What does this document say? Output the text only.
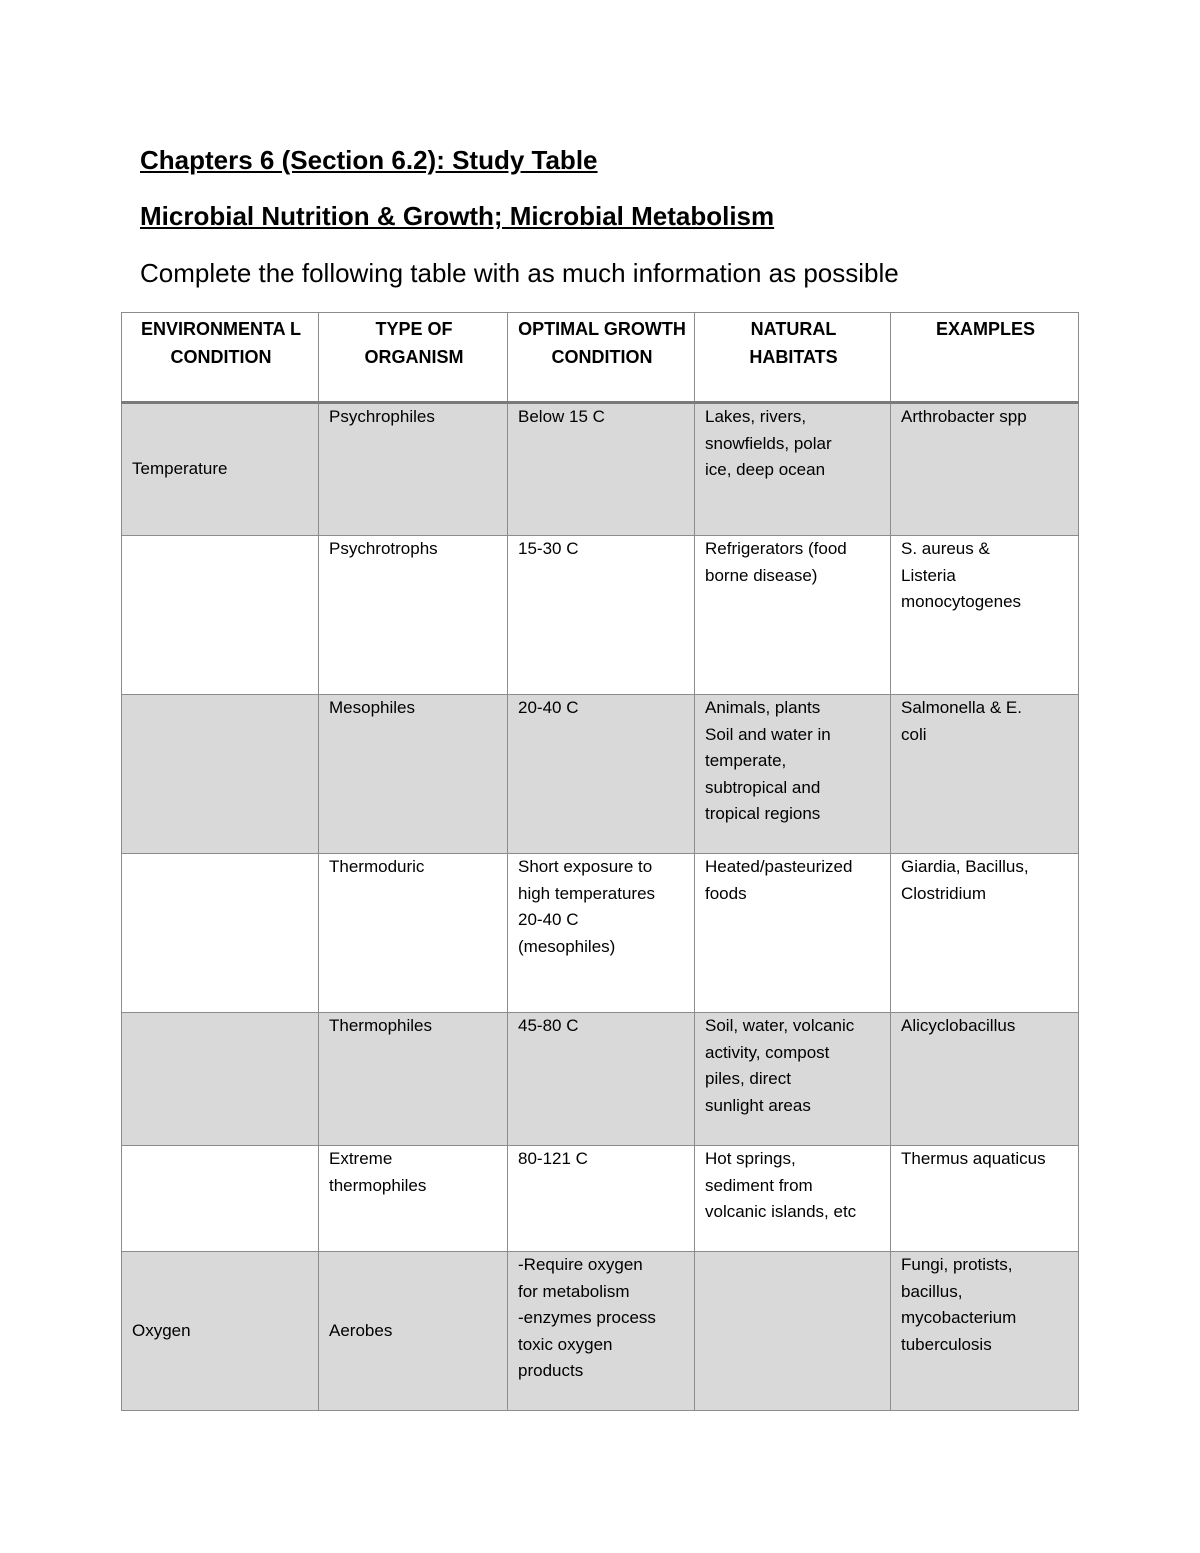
Chapters 6 (Section 6.2): Study Table
Microbial Nutrition & Growth; Microbial Metabolism
Complete the following table with as much information as possible
ENVIRONMENTA L CONDITION	TYPE OF ORGANISM	OPTIMAL GROWTH CONDITION	NATURAL HABITATS	EXAMPLES

Temperature	Psychrophiles	Below 15 C	Lakes, rivers,
snowfields, polar
ice, deep ocean	Arthrobacter spp

	Psychrotrophs	15-30 C	Refrigerators (food
borne disease)	S. aureus &
Listeria
monocytogenes

	Mesophiles	20-40 C	Animals, plants
Soil and water in
temperate,
subtropical and
tropical regions	Salmonella & E.
coli

	Thermoduric	Short exposure to
high temperatures
20-40 C
(mesophiles)	Heated/pasteurized
foods	Giardia, Bacillus,
Clostridium

	Thermophiles	45-80 C	Soil, water, volcanic
activity, compost
piles, direct
sunlight areas	Alicyclobacillus

	Extreme
thermophiles	80-121 C	Hot springs,
sediment from
volcanic islands, etc	Thermus aquaticus

Oxygen	Aerobes	-Require oxygen
for metabolism
-enzymes process
toxic oxygen
products		Fungi, protists,
bacillus,
mycobacterium
tuberculosis
